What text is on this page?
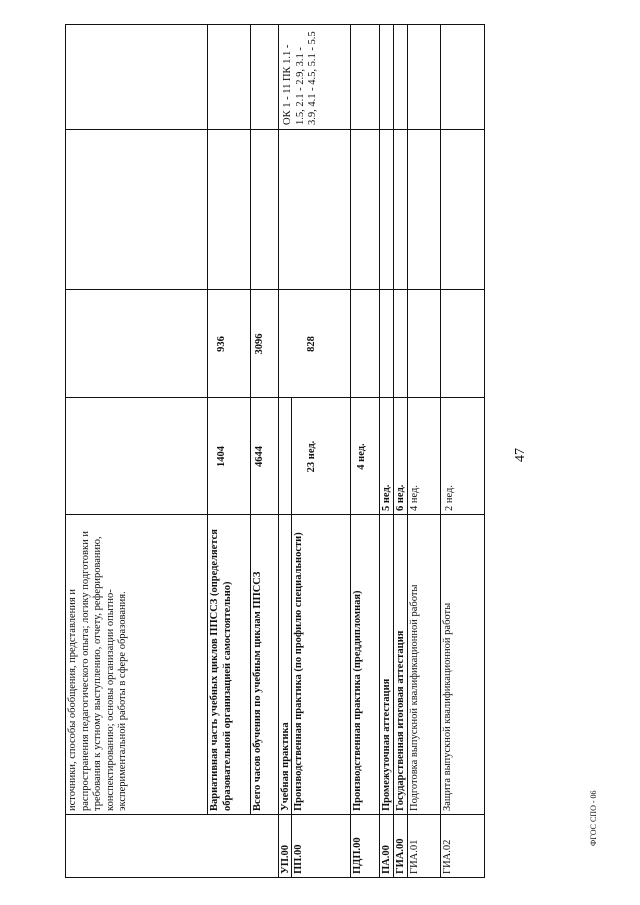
47
ФГОС СПО - 06
источники, способы обобщения, представления и распространения педагогического опыта; логику подготовки и требования к устному выступлению, отчету, реферированию, конспектированию; основы организации опытно-экспериментальной работы в сфере образования.	Вариативная часть учебных циклов ППССЗ (определяется образовательной организацией самостоятельно)
1404
936
Всего часов обучения по учебным циклам ППССЗ
4644
3096
УП.00
Учебная практика
23 нед.
828
ОК 1 - 11 ПК 1.1 - 1.5, 2.1 - 2.9, 3.1 - 3.9, 4.1 - 4.5, 5.1 - 5.5
ПП.00
Производственная практика (по профилю специальности)
ПДП.00
Производственная практика (преддипломная)
4 нед.
ПА.00
Промежуточная аттестация
5 нед.
ГИА.00
Государственная итоговая аттестация
6 нед.
ГИА.01
Подготовка выпускной квалификационной работы
4 нед.
ГИА.02
Защита выпускной квалификационной работы
2 нед.
